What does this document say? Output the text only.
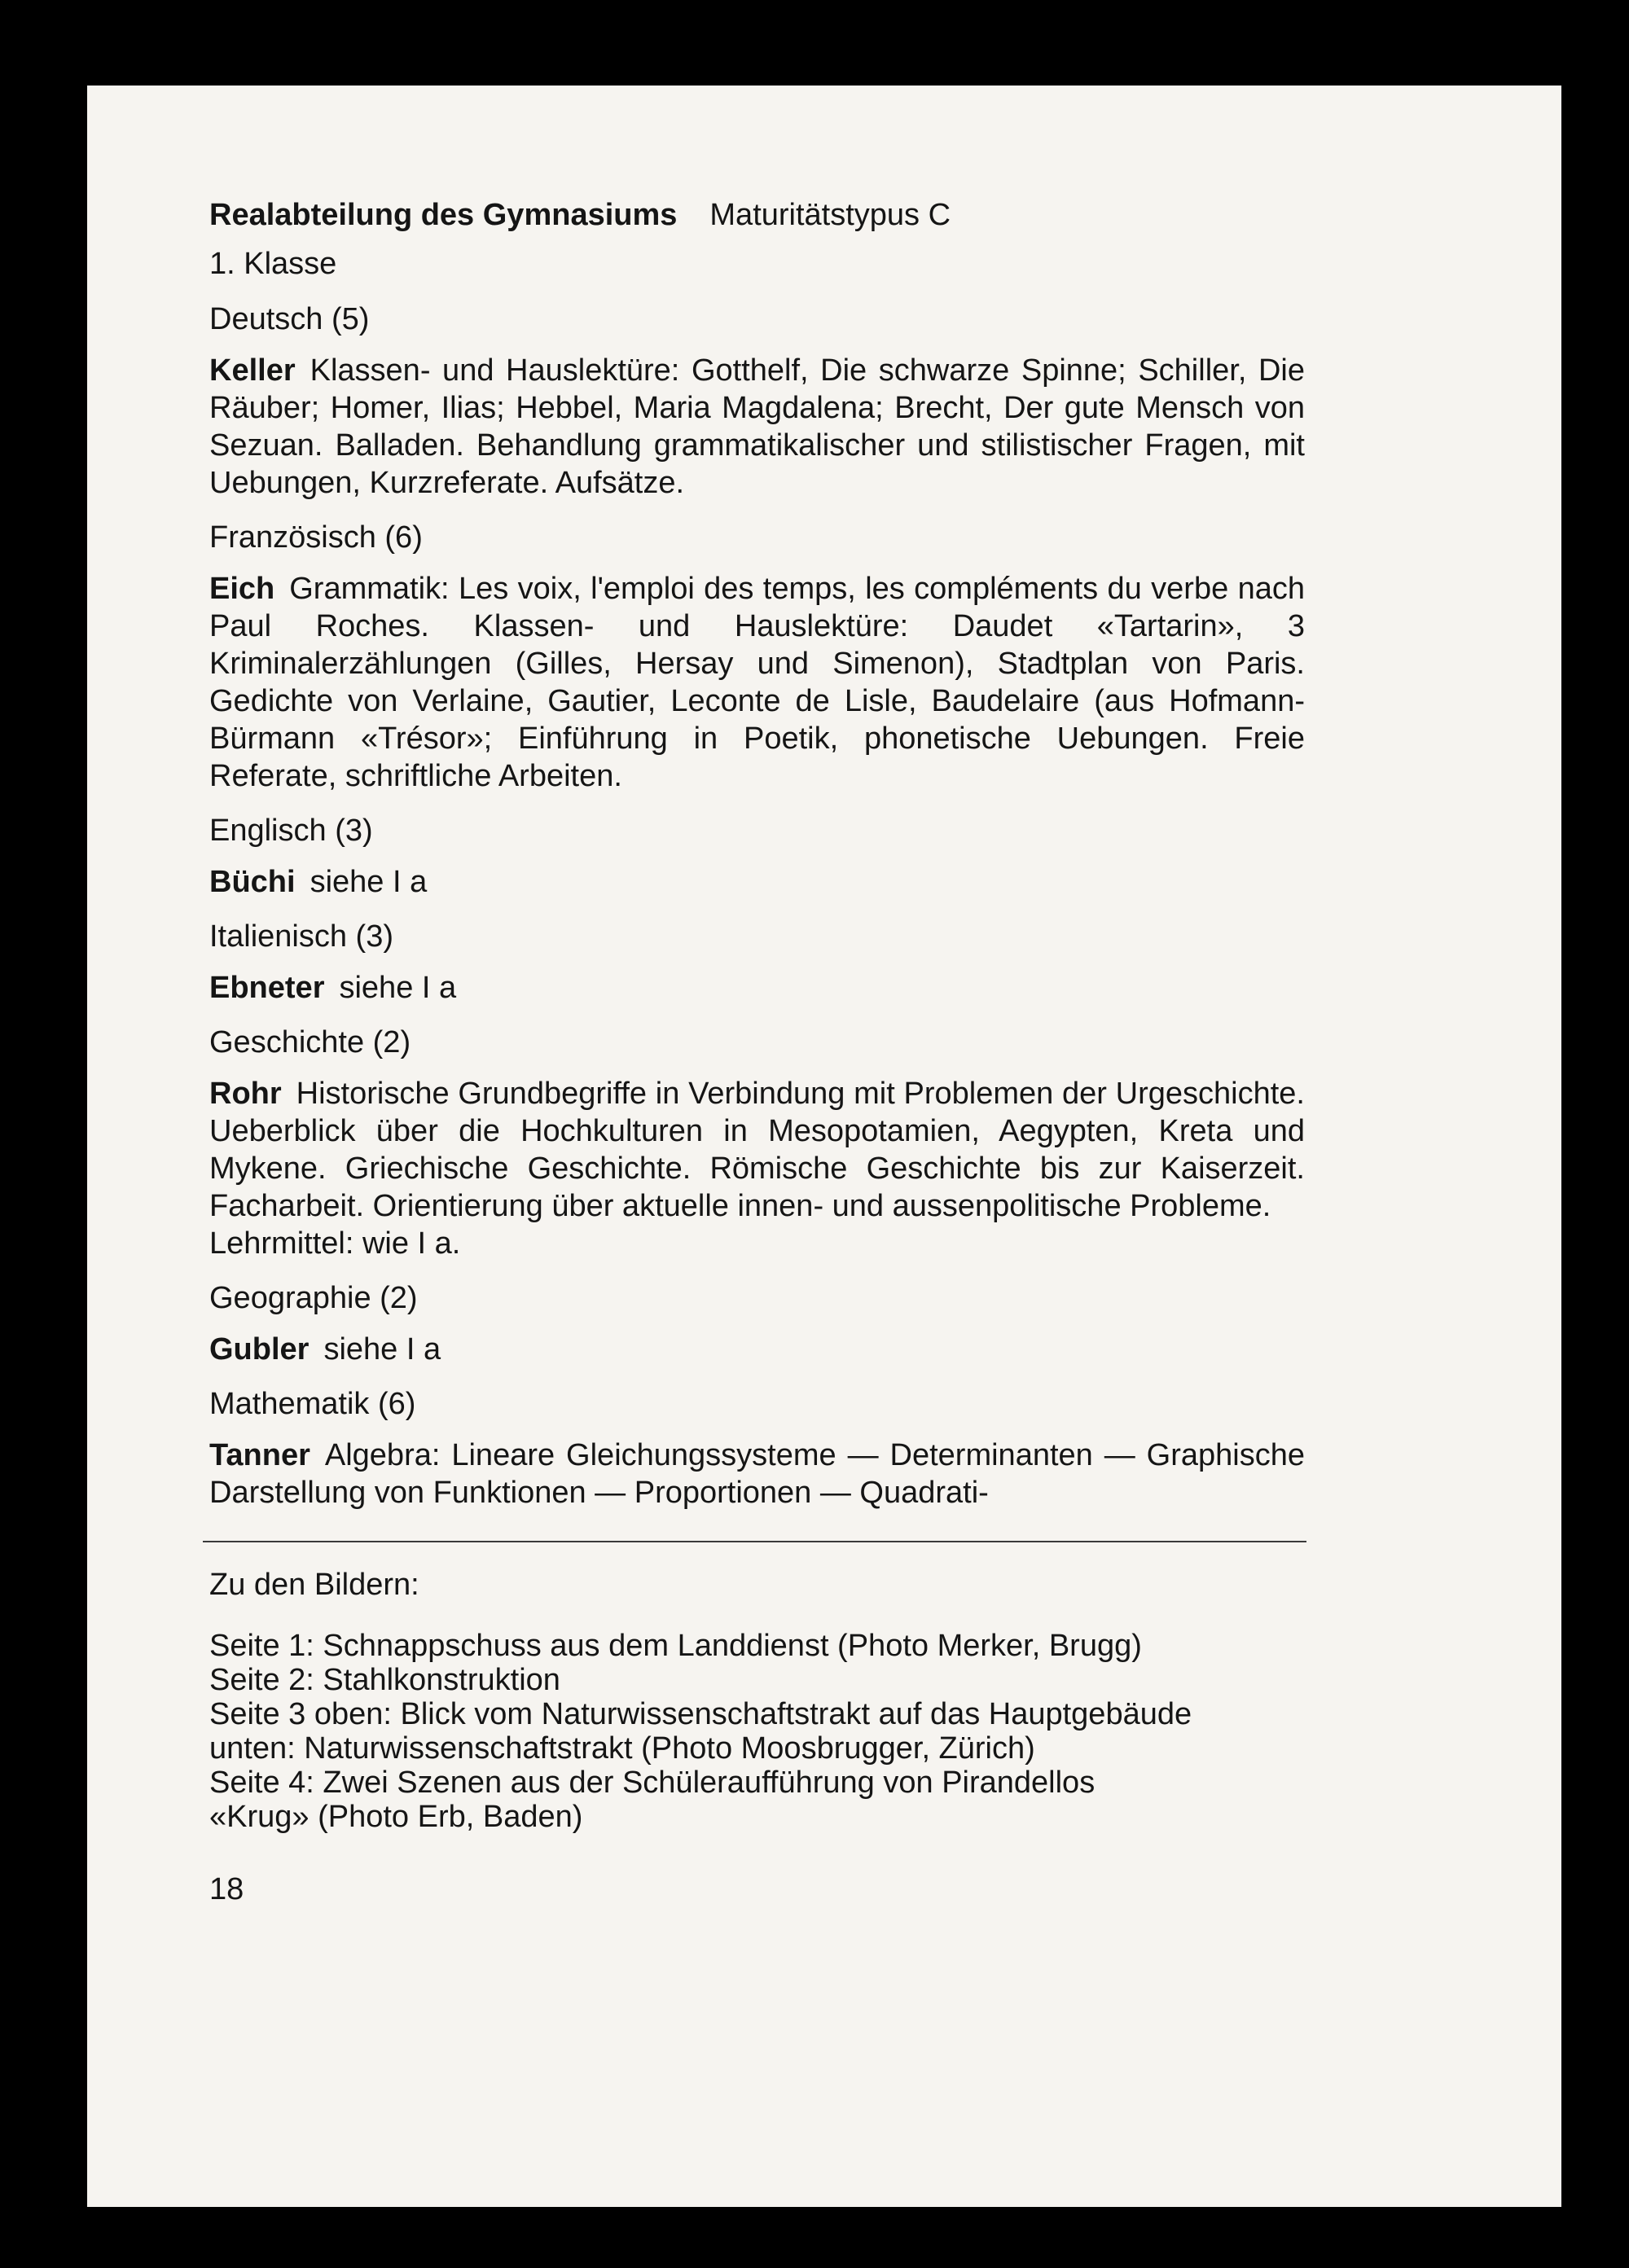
Realabteilung des Gymnasiums Maturitätstypus C
1. Klasse
Deutsch (5)
Keller Klassen- und Hauslektüre: Gotthelf, Die schwarze Spinne; Schiller, Die Räuber; Homer, Ilias; Hebbel, Maria Magdalena; Brecht, Der gute Mensch von Sezuan. Balladen. Behandlung grammatikalischer und stilistischer Fragen, mit Uebungen, Kurzreferate. Aufsätze.
Französisch (6)
Eich Grammatik: Les voix, l'emploi des temps, les compléments du verbe nach Paul Roches. Klassen- und Hauslektüre: Daudet «Tartarin», 3 Kriminalerzählungen (Gilles, Hersay und Simenon), Stadtplan von Paris. Gedichte von Verlaine, Gautier, Leconte de Lisle, Baudelaire (aus Hofmann-Bürmann «Trésor»; Einführung in Poetik, phonetische Uebungen. Freie Referate, schriftliche Arbeiten.
Englisch (3)
Büchi siehe I a
Italienisch (3)
Ebneter siehe I a
Geschichte (2)
Rohr Historische Grundbegriffe in Verbindung mit Problemen der Urgeschichte. Ueberblick über die Hochkulturen in Mesopotamien, Aegypten, Kreta und Mykene. Griechische Geschichte. Römische Geschichte bis zur Kaiserzeit. Facharbeit. Orientierung über aktuelle innen- und aussenpolitische Probleme.
Lehrmittel: wie I a.
Geographie (2)
Gubler siehe I a
Mathematik (6)
Tanner Algebra: Lineare Gleichungssysteme — Determinanten — Graphische Darstellung von Funktionen — Proportionen — Quadrati-
Zu den Bildern:
Seite 1: Schnappschuss aus dem Landdienst (Photo Merker, Brugg)
Seite 2: Stahlkonstruktion
Seite 3 oben: Blick vom Naturwissenschaftstrakt auf das Hauptgebäude
unten: Naturwissenschaftstrakt (Photo Moosbrugger, Zürich)
Seite 4: Zwei Szenen aus der Schüleraufführung von Pirandellos
«Krug» (Photo Erb, Baden)
18
